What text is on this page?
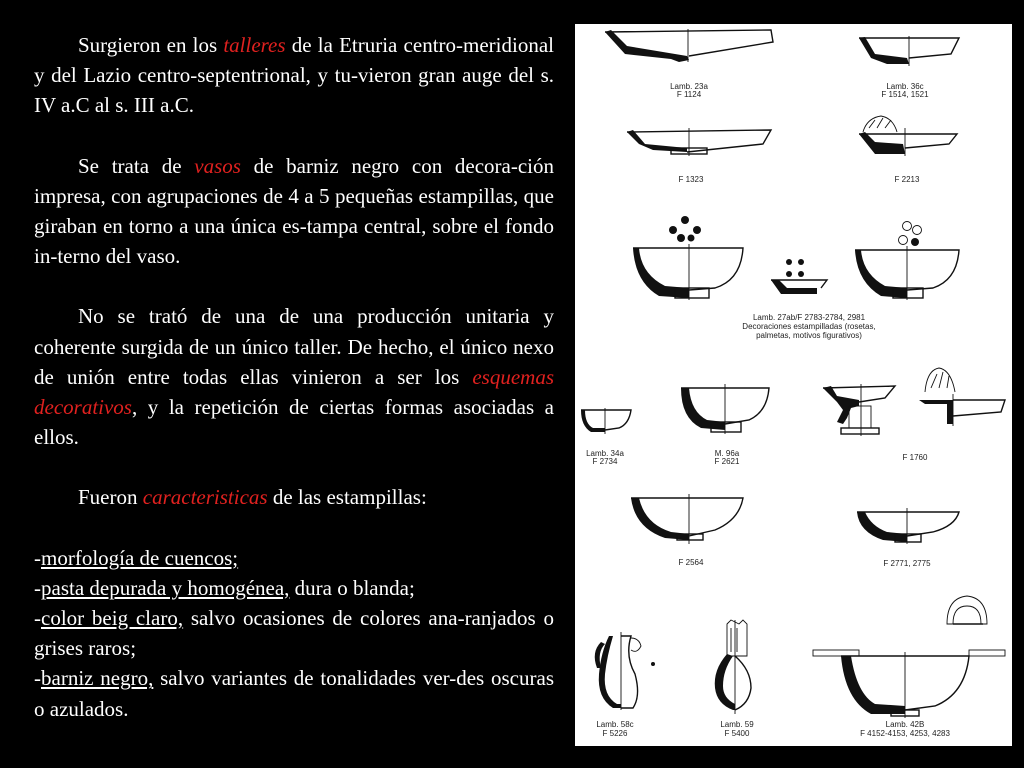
Surgieron en los talleres de la Etruria centro-meridional y del Lazio centro-septentrional, y tu-vieron gran auge del s. IV a.C al s. III a.C.

Se trata de vasos de barniz negro con decora-ción impresa, con agrupaciones de 4 a 5 pequeñas estampillas, que giraban en torno a una única es-tampa central, sobre el fondo in-terno del vaso.

No se trató de una de una producción unitaria y coherente surgida de un único taller. De hecho, el único nexo de unión entre todas ellas vinieron a ser los esquemas decorativos, y la repetición de ciertas formas asociadas a ellos.

Fueron caracteristicas de las estampillas:

-morfología de cuencos;

-pasta depurada y homogénea, dura o blanda;

-color beig claro, salvo ocasiones de colores ana-ranjados o grises raros;

-barniz negro, salvo variantes de tonalidades ver-des oscuras o azulados.

Lamb. 23a
F 1124
Lamb. 36c
F 1514, 1521
F 1323	F 2213
Lamb. 27ab/F 2783-2784, 2981
Decoraciones estampilladas (rosetas,
palmetas, motivos figurativos)
Lamb. 34a
F 2734
M. 96a
F 2621	F 1760
F 2564	F 2771, 2775
Lamb. 58c
F 5226
Lamb. 59
F 5400
Lamb. 42B
F 4152-4153, 4253, 4283
